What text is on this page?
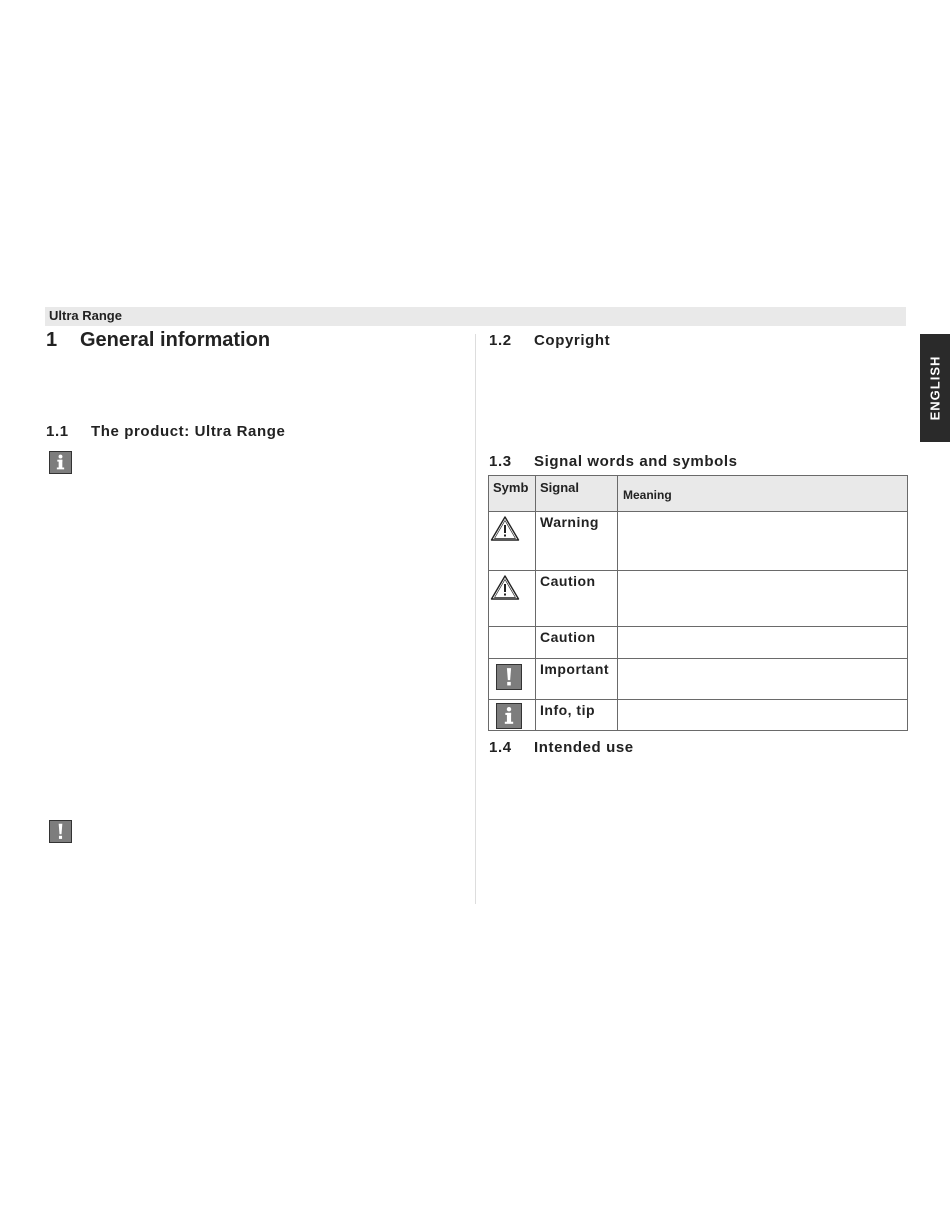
Ultra Range
ENGLISH
1 General information
1.1 The product: Ultra Range
1.2 Copyright
1.3 Signal words and symbols
Symb	Signal	Meaning

	Warning	

	Caution	
	Caution	

	Important	

	Info, tip	
1.4 Intended use
